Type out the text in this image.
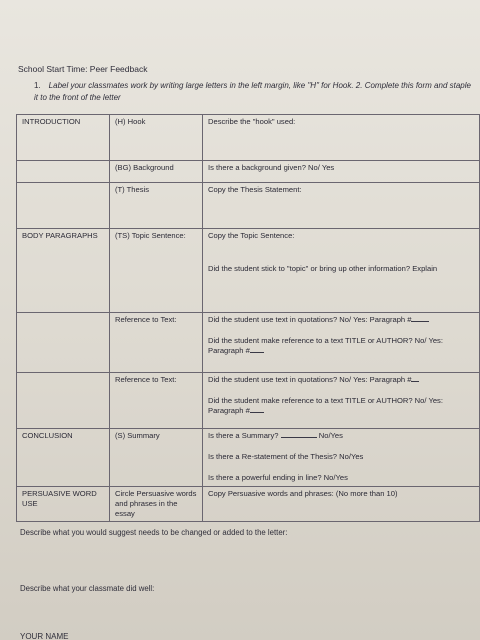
School Start Time: Peer Feedback
1. Label your classmates work by writing large letters in the left margin, like "H" for Hook. 2. Complete this form and staple it to the front of the letter
INTRODUCTION	(H) Hook	Describe the "hook" used:
	(BG) Background	Is there a background given? No/ Yes
	(T) Thesis	Copy the Thesis Statement:
BODY PARAGRAPHS	(TS) Topic Sentence:	Copy the Topic Sentence:

Did the student stick to "topic" or bring up other information? Explain

	Reference to Text:	Did the student use text in quotations? No/ Yes: Paragraph #

Did the student make reference to a text TITLE or AUTHOR? No/ Yes: Paragraph #

	Reference to Text:	Did the student use text in quotations? No/ Yes: Paragraph #

Did the student make reference to a text TITLE or AUTHOR? No/ Yes: Paragraph #

CONCLUSION	(S) Summary	Is there a Summary? No/Yes

Is there a Re-statement of the Thesis? No/Yes

Is there a powerful ending in line? No/Yes

PERSUASIVE WORD USE	Circle Persuasive words and phrases in the essay	Copy Persuasive words and phrases: (No more than 10)
Describe what you would suggest needs to be changed or added to the letter:
Describe what your classmate did well:
YOUR NAME
